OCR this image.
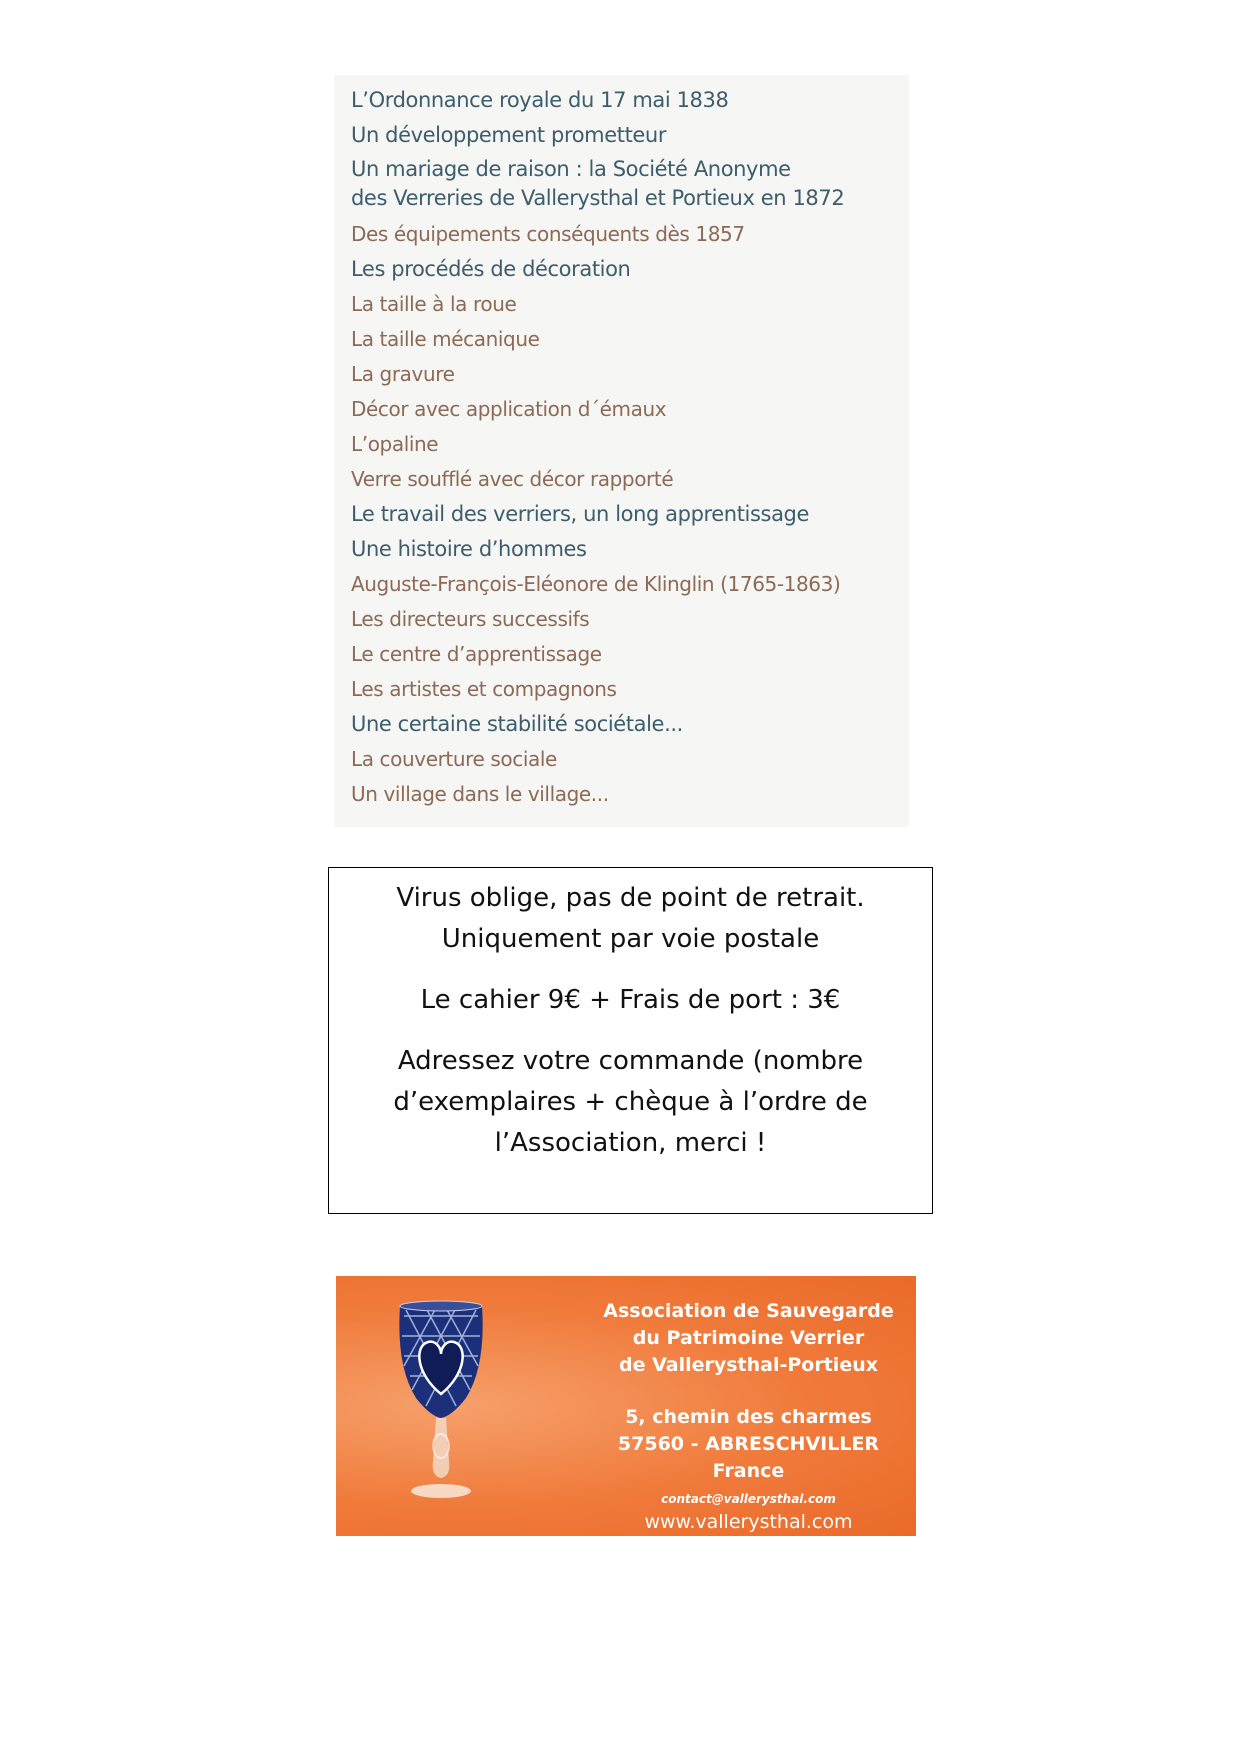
L’Ordonnance royale du 17 mai 1838
Un développement prometteur
Un mariage de raison : la Société Anonyme
des Verreries de Vallerysthal et Portieux en 1872
Des équipements conséquents dès 1857
Les procédés de décoration
La taille à la roue
La taille mécanique
La gravure
Décor avec application d´émaux
L’opaline
Verre soufflé avec décor rapporté
Le travail des verriers, un long apprentissage
Une histoire d’hommes
Auguste-François-Eléonore de Klinglin (1765-1863)
Les directeurs successifs
Le centre d’apprentissage
Les artistes et compagnons
Une certaine stabilité sociétale...
La couverture sociale
Un village dans le village...

Virus oblige, pas de point de retrait.
Uniquement par voie postale

Le cahier 9€ + Frais de port : 3€

Adressez votre commande (nombre d’exemplaires + chèque à l’ordre de l’Association, merci !

Association de Sauvegarde
du Patrimoine Verrier
de Vallerysthal-Portieux
5, chemin des charmes
57560 - ABRESCHVILLER France
contact@vallerysthal.com
www.vallerysthal.com
Identifiant SIREN 841 007 651 - Code APE 91032
